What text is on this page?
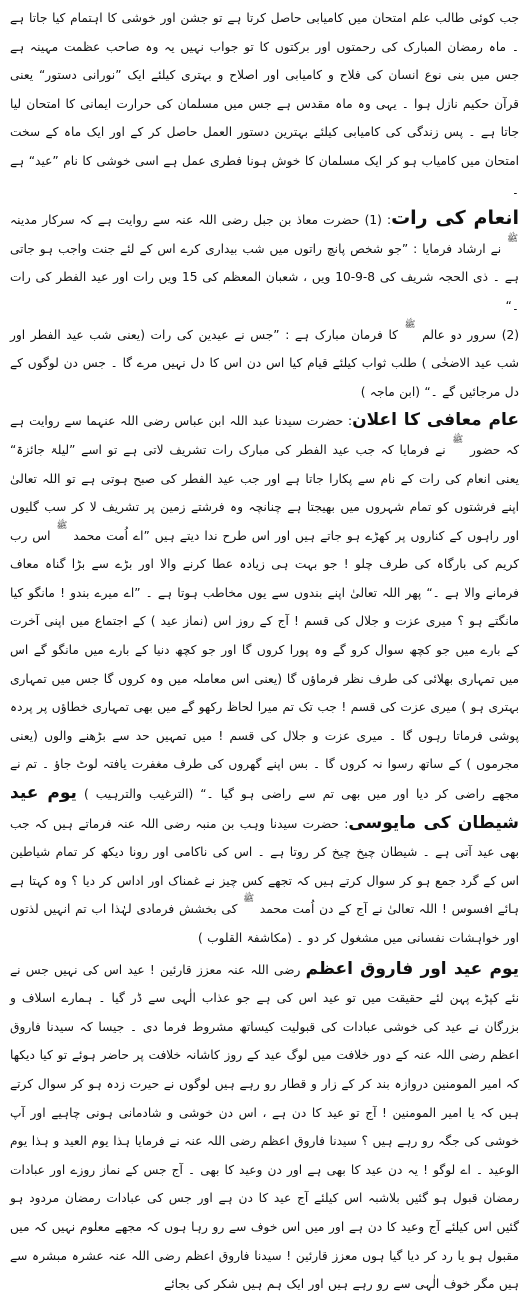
جب کوئی طالب علم امتحان میں کامیابی حاصل کرتا ہے تو جشن اور خوشی کا اہتمام کیا جاتا ہے ۔ ماہ رمضان المبارک کی رحمتوں اور برکتوں کا تو جواب نہیں یہ وہ صاحب عظمت مہینہ ہے جس میں بنی نوع انسان کی فلاح و کامیابی اور اصلاح و بہتری کیلئے ایک ”نورانی دستور“ یعنی قرآن حکیم نازل ہوا ۔ یہی وہ ماہ مقدس ہے جس میں مسلمان کی حرارت ایمانی کا امتحان لیا جاتا ہے ۔ پس زندگی کی کامیابی کیلئے بہترین دستور العمل حاصل کر کے اور ایک ماہ کے سخت امتحان میں کامیاب ہو کر ایک مسلمان کا خوش ہونا فطری عمل ہے اسی خوشی کا نام ”عید“ ہے ۔

انعام کی رات: (1) حضرت معاذ بن جبل رضی اللہ عنہ سے روایت ہے کہ سرکار مدینہ ﷺ نے ارشاد فرمایا : ”جو شخص پانچ راتوں میں شب بیداری کرے اس کے لئے جنت واجب ہو جاتی ہے ۔ ذی الحجہ شریف کی 8-9-10 ویں ، شعبان المعظم کی 15 ویں رات اور عید الفطر کی رات ۔“

(2) سرور دو عالم ﷺ کا فرمان مبارک ہے : ”جس نے عیدین کی رات (یعنی شب عید الفطر اور شب عید الاضحٰی ) طلب ثواب کیلئے قیام کیا اس دن اس کا دل نہیں مرے گا ۔ جس دن لوگوں کے دل مرجائیں گے ۔“ (ابن ماجہ )

عام معافی کا اعلان: حضرت سیدنا عبد اللہ ابن عباس رضی اللہ عنہما سے روایت ہے کہ حضور ﷺ نے فرمایا کہ جب عید الفطر کی مبارک رات تشریف لاتی ہے تو اسے ”لیلۃ جائزۃ“ یعنی انعام کی رات کے نام سے پکارا جاتا ہے اور جب عید الفطر کی صبح ہوتی ہے تو اللہ تعالیٰ اپنے فرشتوں کو تمام شہروں میں بھیجتا ہے چنانچہ وہ فرشتے زمین پر تشریف لا کر سب گلیوں اور راہوں کے کناروں پر کھڑے ہو جاتے ہیں اور اس طرح ندا دیتے ہیں ”اے اُمت محمد ﷺ اس رب کریم کی بارگاہ کی طرف چلو ! جو بہت ہی زیادہ عطا کرنے والا اور بڑے سے بڑا گناہ معاف فرمانے والا ہے ۔“ پھر اللہ تعالیٰ اپنے بندوں سے یوں مخاطب ہوتا ہے ۔ ”اے میرے بندو ! مانگو کیا مانگتے ہو ؟ میری عزت و جلال کی قسم ! آج کے روز اس (نماز عید ) کے اجتماع میں اپنی آخرت کے بارے میں جو کچھ سوال کرو گے وہ پورا کروں گا اور جو کچھ دنیا کے بارے میں مانگو گے اس میں تمہاری بھلائی کی طرف نظر فرماؤں گا (یعنی اس معاملہ میں وہ کروں گا جس میں تمہاری بہتری ہو ) میری عزت کی قسم ! جب تک تم میرا لحاظ رکھو گے میں بھی تمہاری خطاؤں پر پردہ پوشی فرماتا رہوں گا ۔ میری عزت و جلال کی قسم ! میں تمہیں حد سے بڑھنے والوں (یعنی مجرموں ) کے ساتھ رسوا نہ کروں گا ۔ بس اپنے گھروں کی طرف مغفرت یافتہ لوٹ جاؤ ۔ تم نے مجھے راضی کر دیا اور میں بھی تم سے راضی ہو گیا ۔“ (الترغیب والترہیب ) یوم عید شیطان کی مایوسی: حضرت سیدنا وہب بن منبہ رضی اللہ عنہ فرماتے ہیں کہ جب بھی عید آتی ہے ۔ شیطان چیخ چیخ کر روتا ہے ۔ اس کی ناکامی اور رونا دیکھ کر تمام شیاطین اس کے گرد جمع ہو کر سوال کرتے ہیں کہ تجھے کس چیز نے غمناک اور اداس کر دیا ؟ وہ کہتا ہے ہائے افسوس ! اللہ تعالیٰ نے آج کے دن اُمت محمد ﷺ کی بخشش فرمادی لہٰذا اب تم انہیں لذتوں اور خواہشات نفسانی میں مشغول کر دو ۔ (مکاشفۃ القلوب )

یوم عید اور فاروق اعظم رضی اللہ عنہ معزز قارئین ! عید اس کی نہیں جس نے نئے کپڑے پہن لئے حقیقت میں تو عید اس کی ہے جو عذاب الٰہی سے ڈر گیا ۔ ہمارے اسلاف و بزرگان نے عید کی خوشی عبادات کی قبولیت کیساتھ مشروط فرما دی ۔ جیسا کہ سیدنا فاروق اعظم رضی اللہ عنہ کے دور خلافت میں لوگ عید کے روز کاشانہ خلافت پر حاضر ہوئے تو کیا دیکھا کہ امیر المومنین دروازہ بند کر کے زار و قطار رو رہے ہیں لوگوں نے حیرت زدہ ہو کر سوال کرتے ہیں کہ یا امیر المومنین ! آج تو عید کا دن ہے ، اس دن خوشی و شادمانی ہونی چاہیے اور آپ خوشی کی جگہ رو رہے ہیں ؟ سیدنا فاروق اعظم رضی اللہ عنہ نے فرمایا ہذا یوم العید و ہذا یوم الوعید ۔ اے لوگو ! یہ دن عید کا بھی ہے اور دن وعید کا بھی ۔ آج جس کے نماز روزے اور عبادات رمضان قبول ہو گئیں بلاشبہ اس کیلئے آج عید کا دن ہے اور جس کی عبادات رمضان مردود ہو گئیں اس کیلئے آج وعید کا دن ہے اور میں اس خوف سے رو رہا ہوں کہ مجھے معلوم نہیں کہ میں مقبول ہو یا رد کر دیا گیا ہوں معزز قارئین ! سیدنا فاروق اعظم رضی اللہ عنہ عشرہ مبشرہ سے ہیں مگر خوف الٰہی سے رو رہے ہیں اور ایک ہم ہیں شکر کی بجائے
